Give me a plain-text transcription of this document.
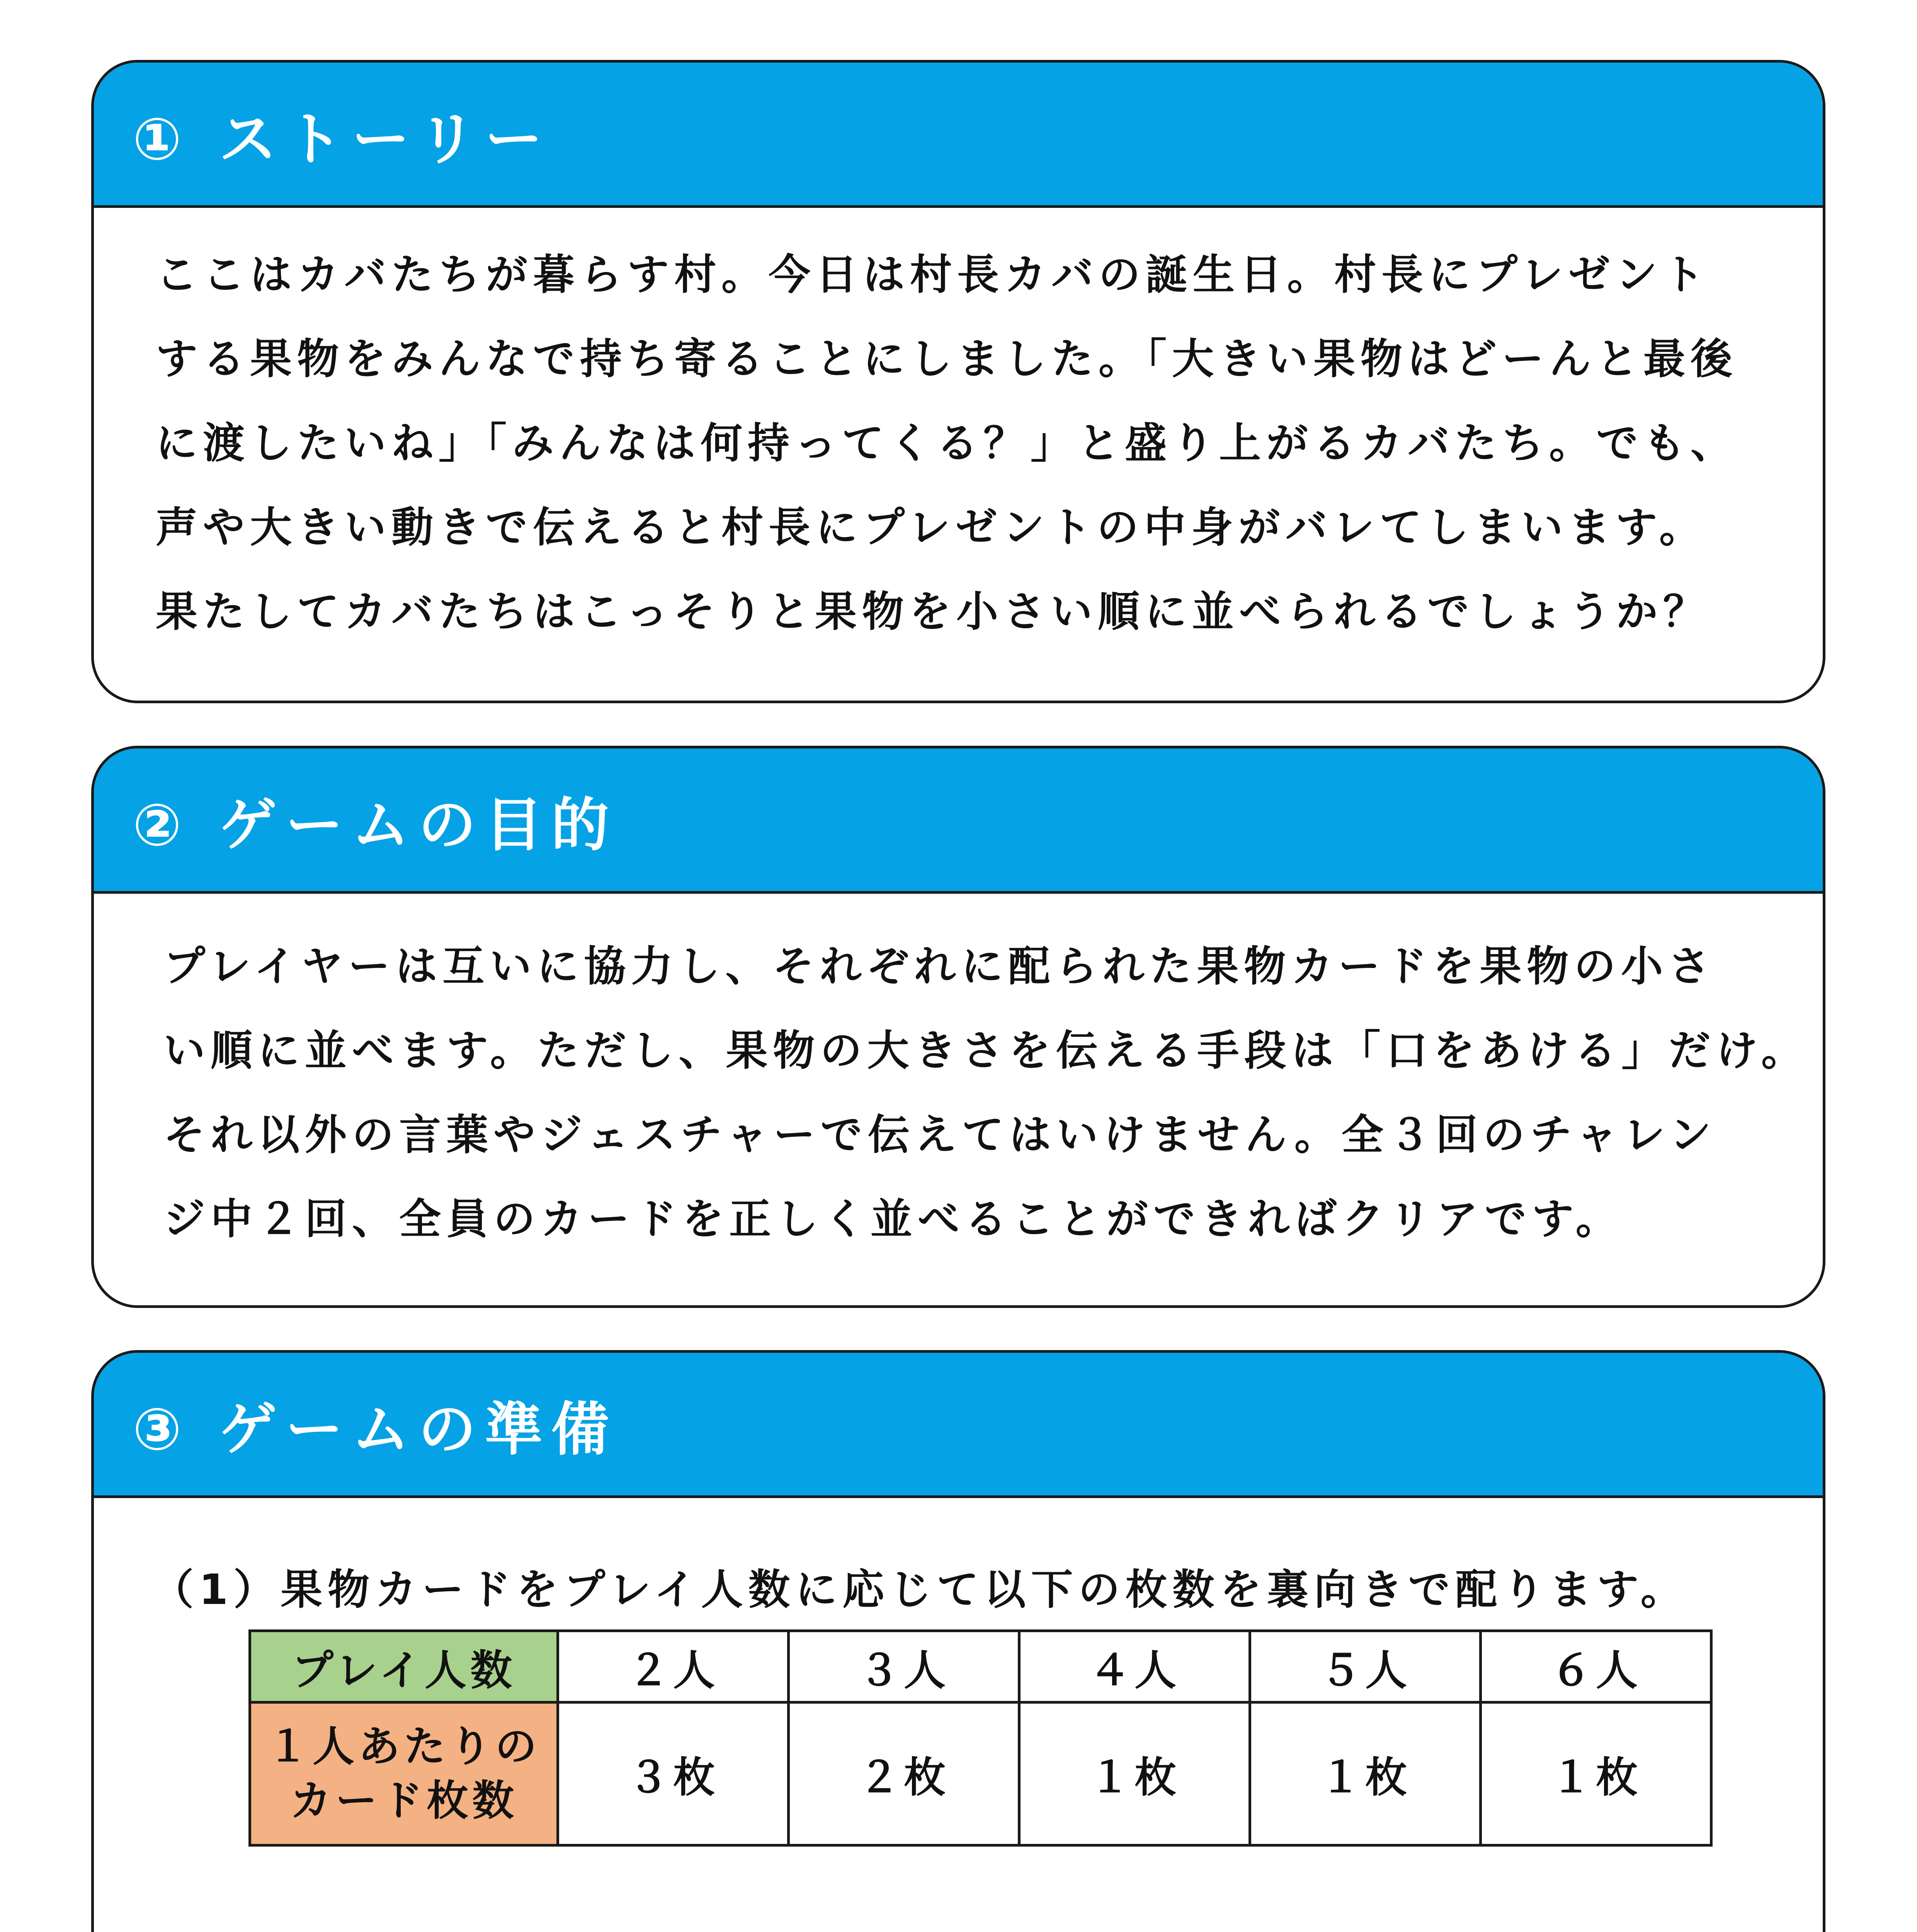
① ストーリー
ここはカバたちが暮らす村。今日は村長カバの誕生日。村長にプレゼント
する果物をみんなで持ち寄ることにしました。「大きい果物はどーんと最後
に渡したいね」「みんなは何持ってくる？」と盛り上がるカバたち。でも、
声や大きい動きで伝えると村長にプレゼントの中身がバレてしまいます。
果たしてカバたちはこっそりと果物を小さい順に並べられるでしょうか？
② ゲームの目的
プレイヤーは互いに協力し、それぞれに配られた果物カードを果物の小さ
い順に並べます。ただし、果物の大きさを伝える手段は「口をあける」だけ。
それ以外の言葉やジェスチャーで伝えてはいけません。全３回のチャレン
ジ中２回、全員のカードを正しく並べることができればクリアです。
③ ゲームの準備
（1）果物カードをプレイ人数に応じて以下の枚数を裏向きで配ります。
プレイ人数	２人	３人	４人	５人	６人

１人あたりの
カード枚数	３枚	２枚	１枚	１枚	１枚
